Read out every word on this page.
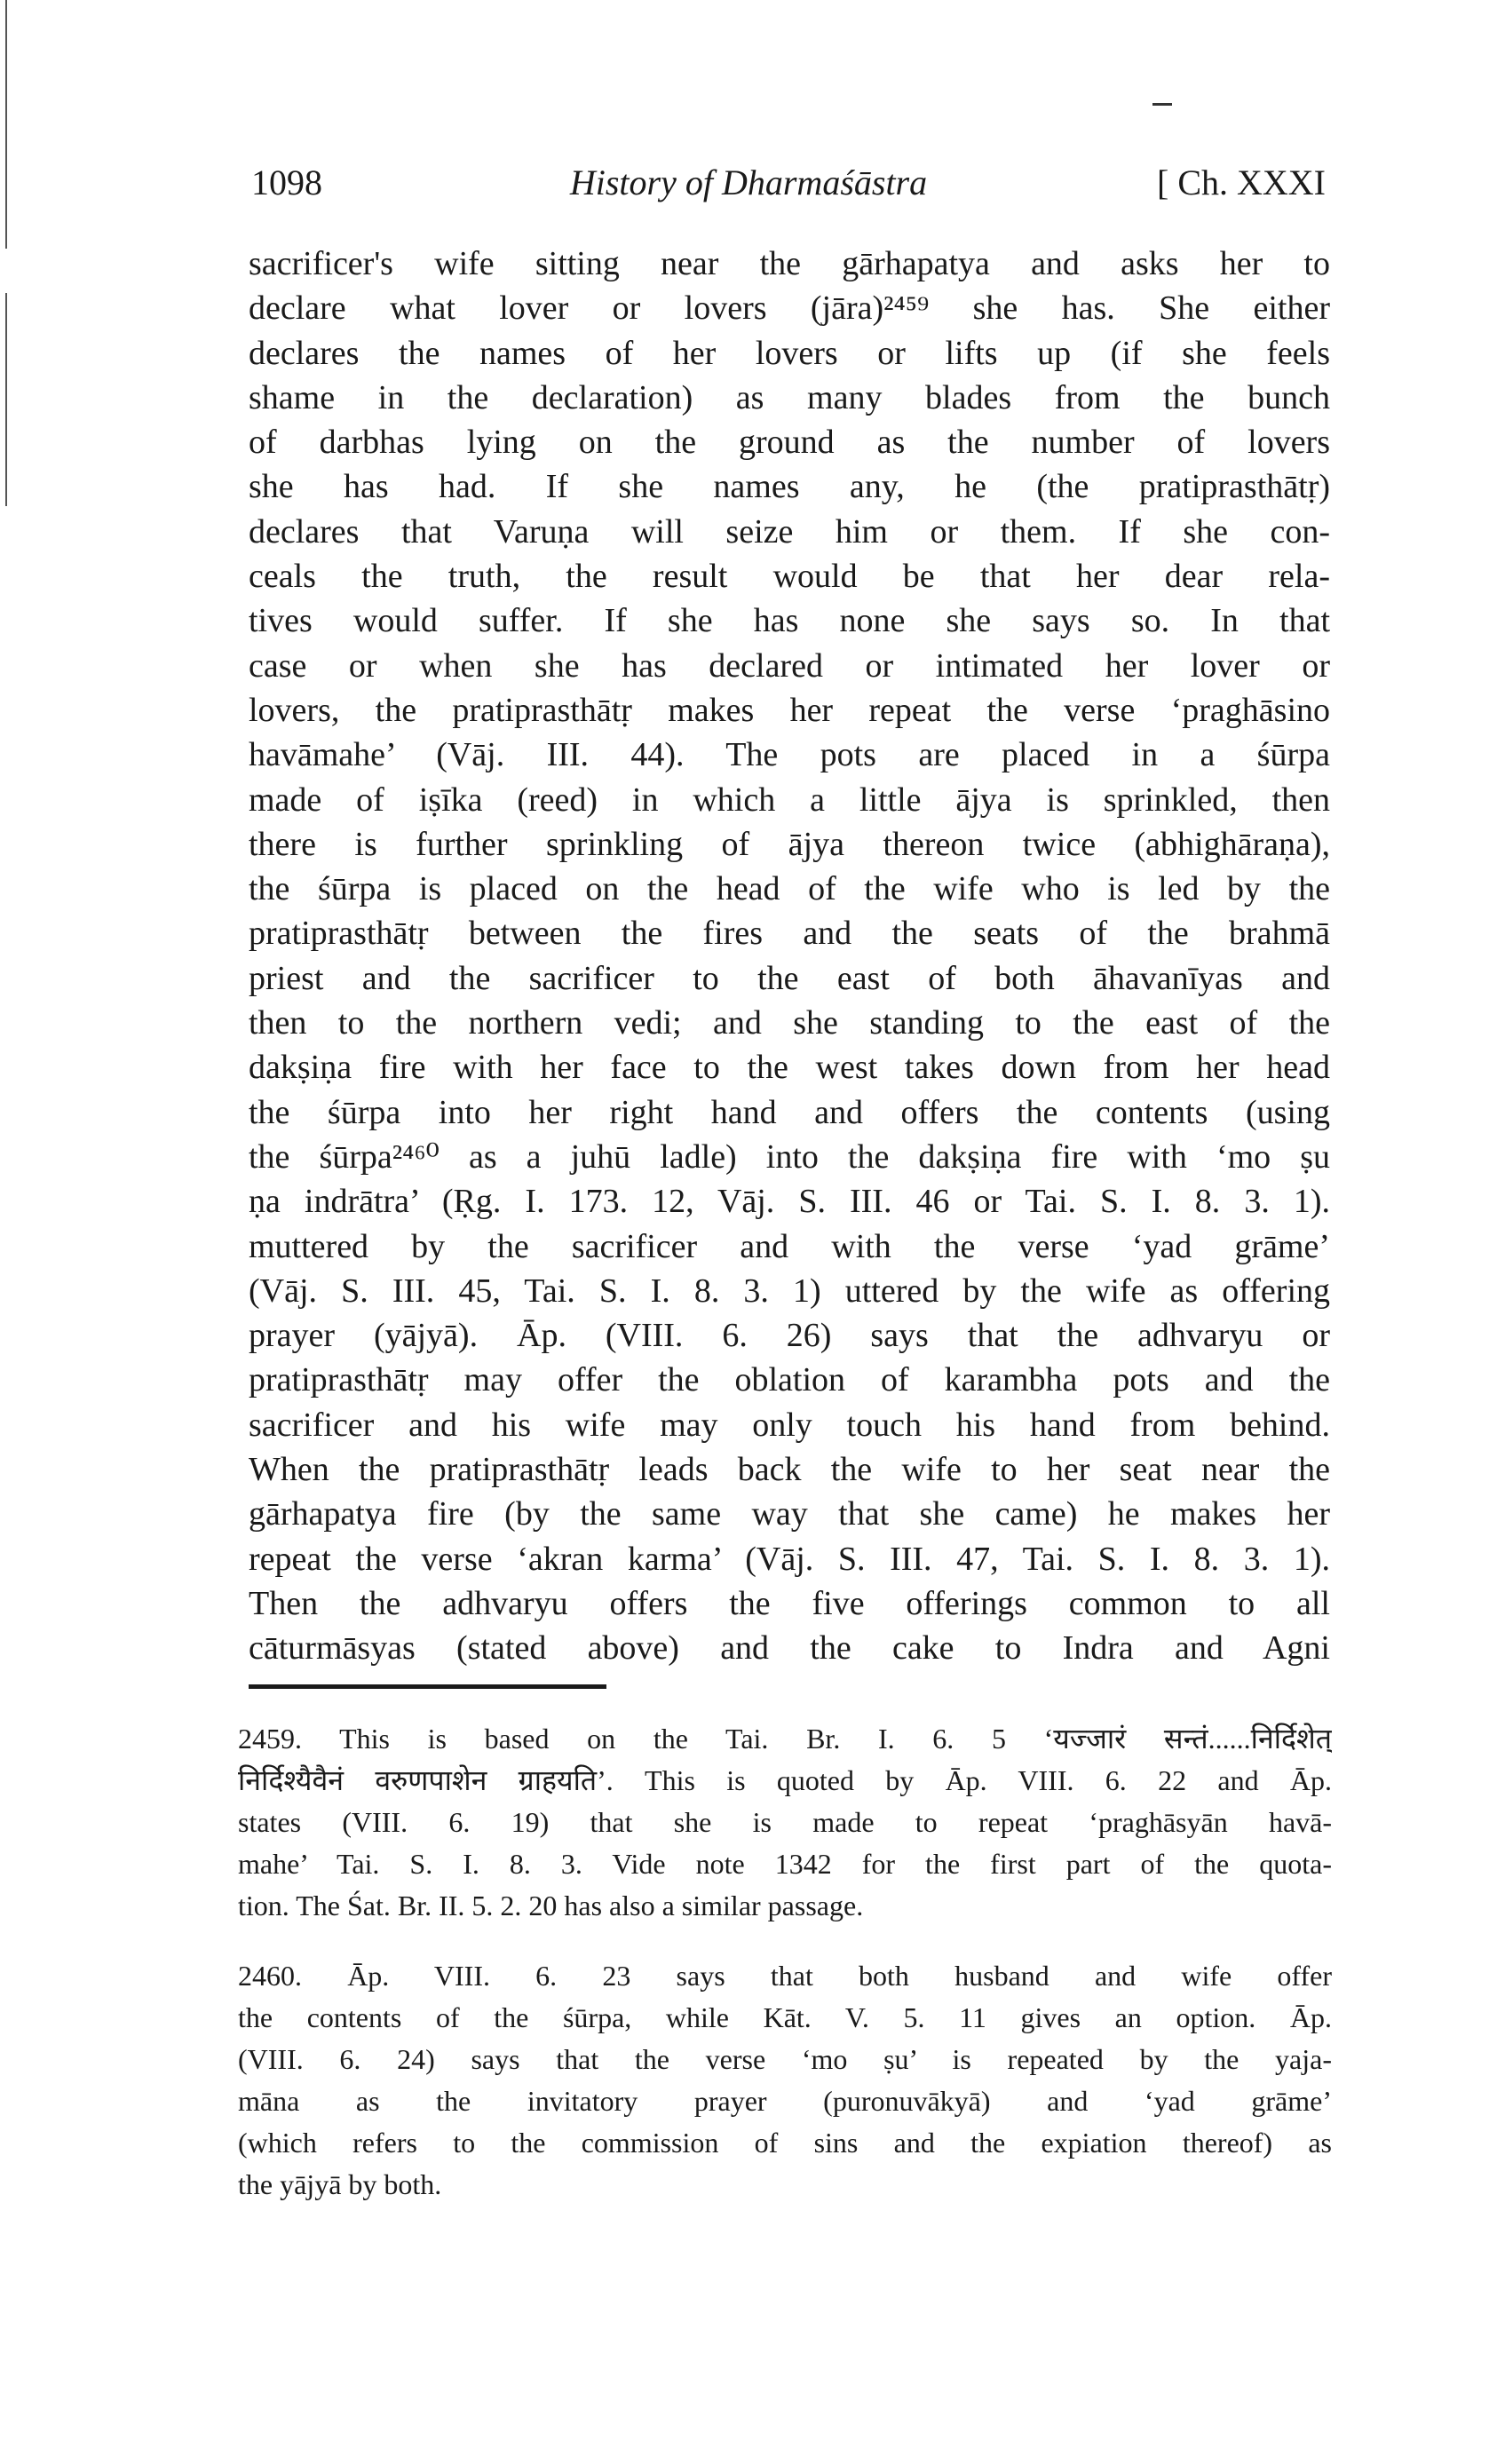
1098	History of Dharmaśāstra	[ Ch. XXXI
sacrificer's wife sitting near the gārhapatya and asks her to
declare what lover or lovers (jāra)²⁴⁵⁹ she has. She either
declares the names of her lovers or lifts up (if she feels
shame in the declaration) as many blades from the bunch
of darbhas lying on the ground as the number of lovers
she has had. If she names any, he (the pratiprasthātṛ)
declares that Varuṇa will seize him or them. If she con-
ceals the truth, the result would be that her dear rela-
tives would suffer. If she has none she says so. In that
case or when she has declared or intimated her lover or
lovers, the pratiprasthātṛ makes her repeat the verse ‘praghāsino
havāmahe’ (Vāj. III. 44). The pots are placed in a śūrpa
made of iṣīka (reed) in which a little ājya is sprinkled, then
there is further sprinkling of ājya thereon twice (abhighāraṇa),
the śūrpa is placed on the head of the wife who is led by the
pratiprasthātṛ between the fires and the seats of the brahmā
priest and the sacrificer to the east of both āhavanīyas and
then to the northern vedi; and she standing to the east of the
dakṣiṇa fire with her face to the west takes down from her head
the śūrpa into her right hand and offers the contents (using
the śūrpa²⁴⁶⁰ as a juhū ladle) into the dakṣiṇa fire with ‘mo ṣu
ṇa indrātra’ (Ṛg. I. 173. 12, Vāj. S. III. 46 or Tai. S. I. 8. 3. 1).
muttered by the sacrificer and with the verse ‘yad grāme’
(Vāj. S. III. 45, Tai. S. I. 8. 3. 1) uttered by the wife as offering
prayer (yājyā). Āp. (VIII. 6. 26) says that the adhvaryu or
pratiprasthātṛ may offer the oblation of karambha pots and the
sacrificer and his wife may only touch his hand from behind.
When the pratiprasthātṛ leads back the wife to her seat near the
gārhapatya fire (by the same way that she came) he makes her
repeat the verse ‘akran karma’ (Vāj. S. III. 47, Tai. S. I. 8. 3. 1).
Then the adhvaryu offers the five offerings common to all
cāturmāsyas (stated above) and the cake to Indra and Agni
2459. This is based on the Tai. Br. I. 6. 5 ‘यज्जारं सन्तं......निर्दिशेत्
निर्दिश्यैवैनं वरुणपाशेन ग्राहयति’. This is quoted by Āp. VIII. 6. 22 and Āp.
states (VIII. 6. 19) that she is made to repeat ‘praghāsyān havā-
mahe’ Tai. S. I. 8. 3. Vide note 1342 for the first part of the quota-
tion. The Śat. Br. II. 5. 2. 20 has also a similar passage.
2460. Āp. VIII. 6. 23 says that both husband and wife offer
the contents of the śūrpa, while Kāt. V. 5. 11 gives an option. Āp.
(VIII. 6. 24) says that the verse ‘mo ṣu’ is repeated by the yaja-
māna as the invitatory prayer (puronuvākyā) and ‘yad grāme’
(which refers to the commission of sins and the expiation thereof) as
the yājyā by both.
